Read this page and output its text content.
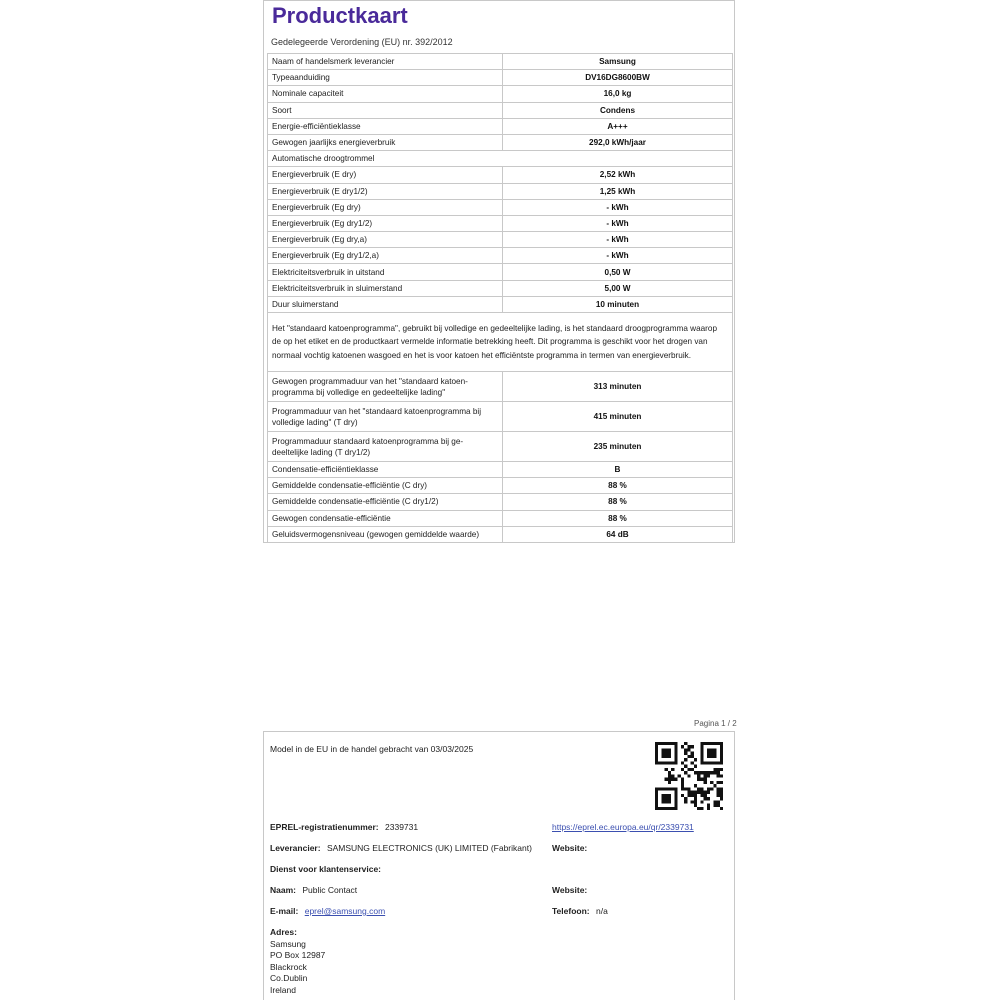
Productkaart
Gedelegeerde Verordening (EU) nr. 392/2012
Naam of handelsmerk leverancier	Samsung
Typeaanduiding	DV16DG8600BW
Nominale capaciteit	16,0 kg
Soort	Condens
Energie-efficiëntieklasse	A+++
Gewogen jaarlijks energieverbruik	292,0 kWh/jaar
Automatische droogtrommel	
Energieverbruik (E dry)	2,52 kWh
Energieverbruik (E dry1/2)	1,25 kWh
Energieverbruik (Eg dry)	- kWh
Energieverbruik (Eg dry1/2)	- kWh
Energieverbruik (Eg dry,a)	- kWh
Energieverbruik (Eg dry1/2,a)	- kWh
Elektriciteitsverbruik in uitstand	0,50 W
Elektriciteitsverbruik in sluimerstand	5,00 W
Duur sluimerstand	10 minuten
Het "standaard katoenprogramma", gebruikt bij volledige en gedeeltelijke lading, is het standaard droogprogramma waarop de op het etiket en de productkaart vermelde informatie betrekking heeft. Dit programma is geschikt voor het drogen van normaal vochtig katoenen wasgoed en het is voor katoen het efficiëntste programma in termen van energieverbruik.	
Gewogen programmaduur van het "standaard katoen-programma bij volledige en gedeeltelijke lading"	313 minuten
Programmaduur van het "standaard katoenprogramma bij volledige lading" (T dry)	415 minuten
Programmaduur standaard katoenprogramma bij ge-deeltelijke lading (T dry1/2)	235 minuten
Condensatie-efficiëntieklasse	B
Gemiddelde condensatie-efficiëntie (C dry)	88 %
Gemiddelde condensatie-efficiëntie (C dry1/2)	88 %
Gewogen condensatie-efficiëntie	88 %
Geluidsvermogensniveau (gewogen gemiddelde waarde)	64 dB
Pagina 1 / 2
Model in de EU in de handel gebracht van 03/03/2025
EPREL-registratienummer: 2339731	https://eprel.ec.europa.eu/qr/2339731
Leverancier: SAMSUNG ELECTRONICS (UK) LIMITED (Fabrikant) Website:
Dienst voor klantenservice:
Naam: Public Contact	Website:
E-mail: eprel@samsung.com	Telefoon: n/a
Adres:
Samsung
PO Box 12987
Blackrock
Co.Dublin
Ireland
